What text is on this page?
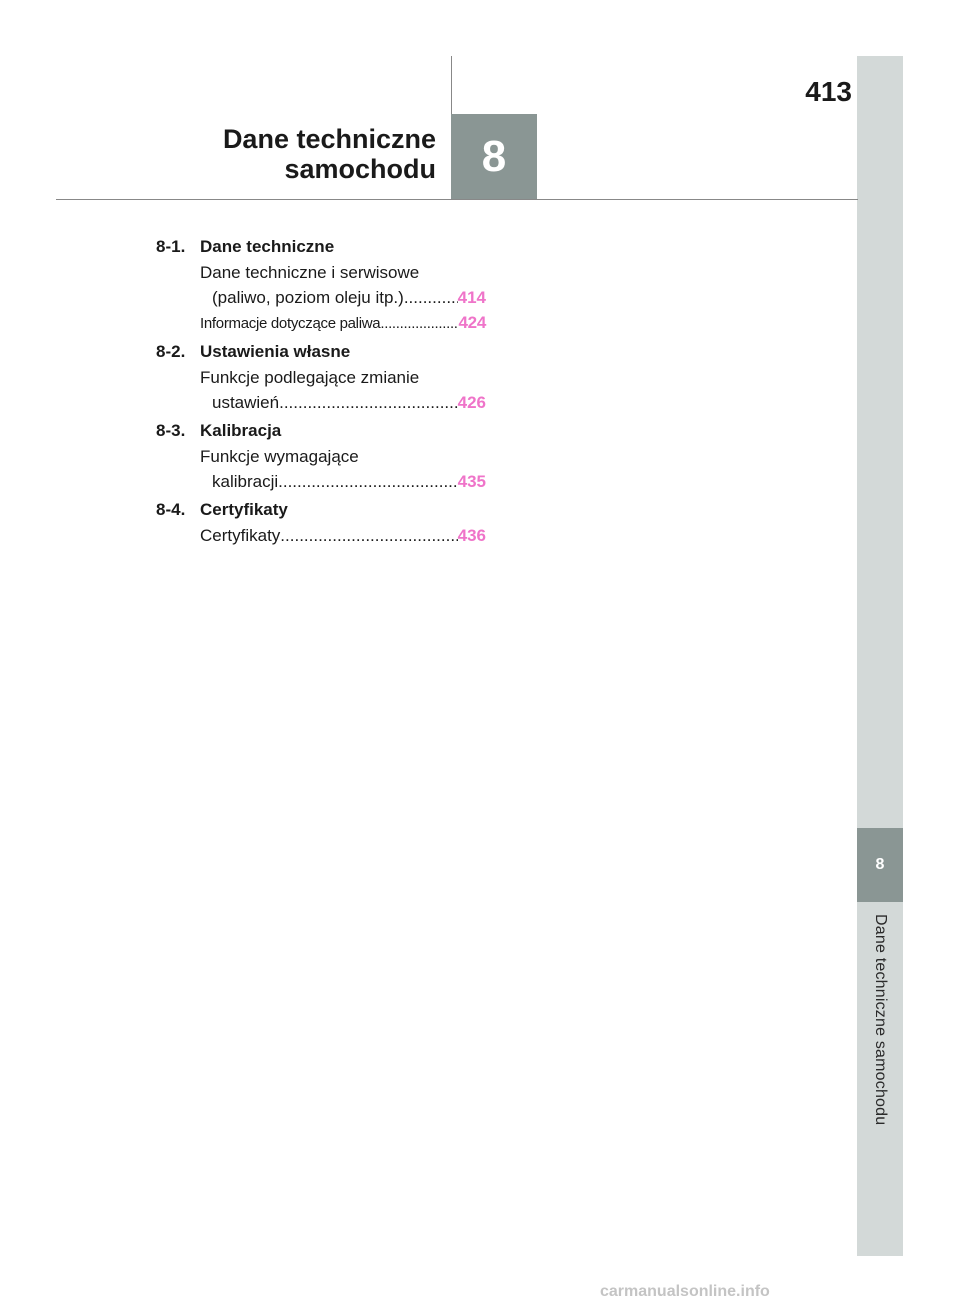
8
Dane techniczne samochodu
8
413
Dane techniczne
samochodu
8-1. Dane techniczne
Dane techniczne i serwisowe
(paliwo, poziom oleju itp.) .....	414
Informacje dotyczące paliwa .....	424
8-2. Ustawienia własne
Funkcje podlegające zmianie
ustawień .....	426
8-3. Kalibracja
Funkcje wymagające
kalibracji .....	435
8-4. Certyfikaty
Certyfikaty .....	436
carmanualsonline.info
